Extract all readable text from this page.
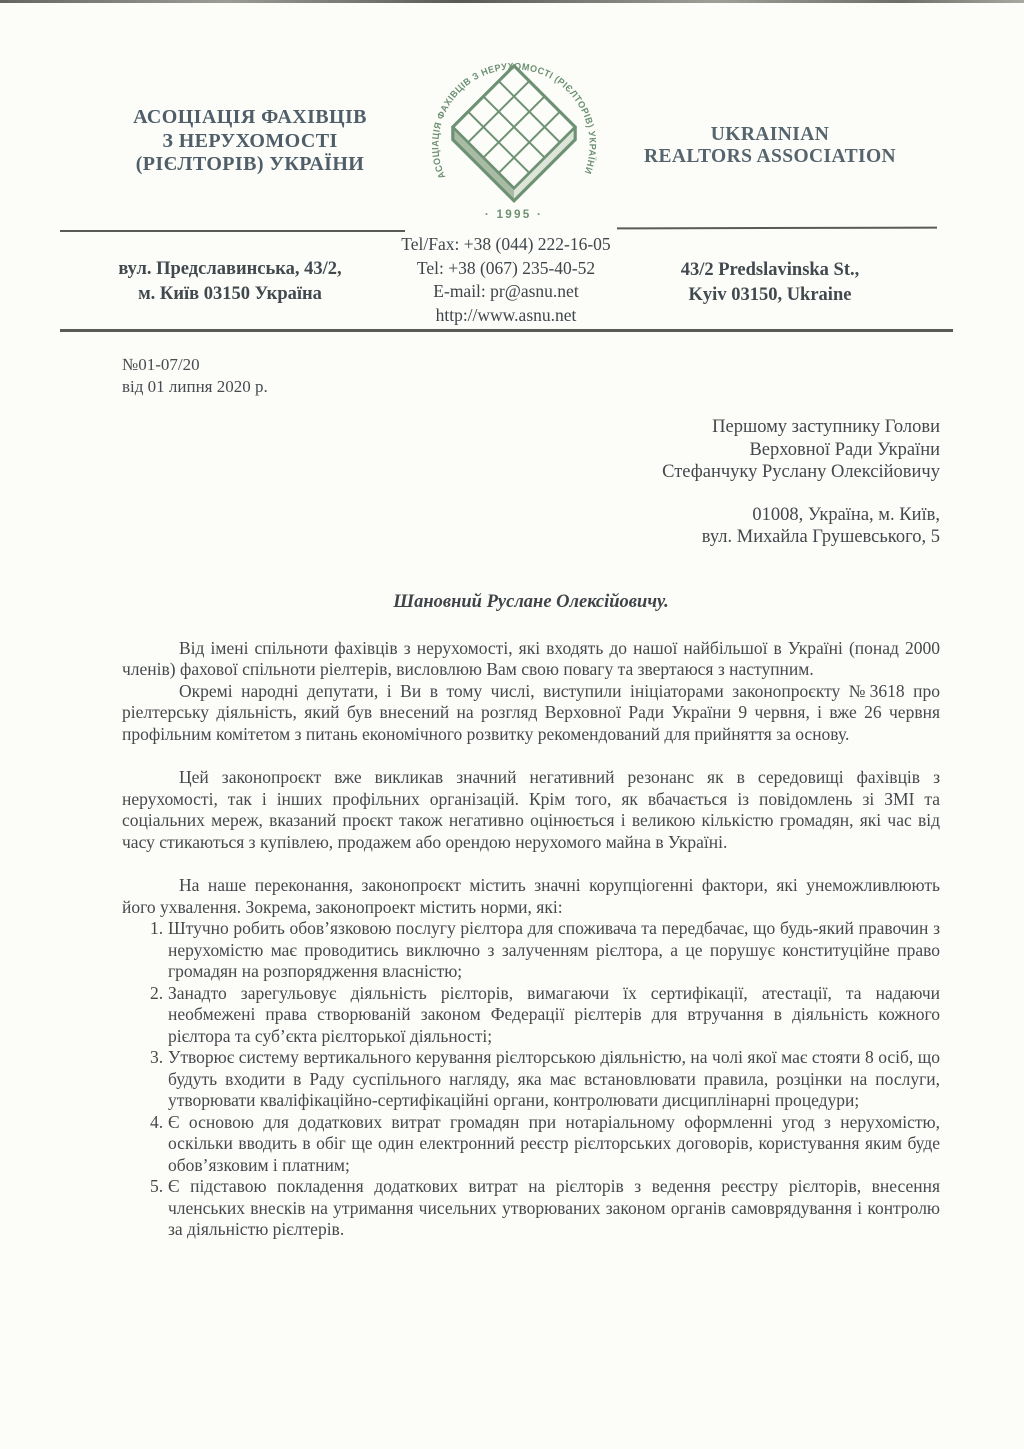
АСОЦІАЦІЯ ФАХІВЦІВ
З НЕРУХОМОСТІ
(РІЄЛТОРІВ) УКРАЇНИ	АСОЦІАЦІЯ ФАХІВЦІВ З НЕРУХОМОСТІ (РІЄЛТОРІВ) УКРАЇНИ
· 1995 ·
UKRAINIAN
REALTORS ASSOCIATION
вул. Предславинська, 43/2,
м. Київ 03150 Україна
Tel/Fax: +38 (044) 222-16-05
Tel: +38 (067) 235-40-52
E-mail: pr@asnu.net
http://www.asnu.net
43/2 Predslavinska St.,
Kyiv 03150, Ukraine
№01-07/20
від 01 липня 2020 р.
Першому заступнику Голови
Верховної Ради України
Стефанчуку Руслану Олексійовичу
01008, Україна, м. Київ,
вул. Михайла Грушевського, 5
Шановний Руслане Олексійовичу.

Від імені спільноти фахівців з нерухомості, які входять до нашої найбільшої в Україні (понад 2000 членів) фахової спільноти ріелтерів, висловлюю Вам свою повагу та звертаюся з наступним.

Окремі народні депутати, і Ви в тому числі, виступили ініціаторами законопроєкту №3618 про ріелтерську діяльність, який був внесений на розгляд Верховної Ради України 9 червня, і вже 26 червня профільним комітетом з питань економічного розвитку рекомендований для прийняття за основу.

Цей законопроєкт вже викликав значний негативний резонанс як в середовищі фахівців з нерухомості, так і інших профільних організацій. Крім того, як вбачається із повідомлень зі ЗМІ та соціальних мереж, вказаний проєкт також негативно оцінюється і великою кількістю громадян, які час від часу стикаються з купівлею, продажем або орендою нерухомого майна в Україні.

На наше переконання, законопроєкт містить значні корупціогенні фактори, які унеможливлюють його ухвалення. Зокрема, законопроект містить норми, які:

1. Штучно робить обов’язковою послугу рієлтора для споживача та передбачає, що будь-який правочин з нерухомістю має проводитись виключно з залученням рієлтора, а це порушує конституційне право громадян на розпорядження власністю;
2. Занадто зарегульовує діяльність рієлторів, вимагаючи їх сертифікації, атестації, та надаючи необмежені права створюваній законом Федерації рієлтерів для втручання в діяльність кожного рієлтора та суб’єкта рієлторької діяльності;
3. Утворює систему вертикального керування рієлторською діяльністю, на чолі якої має стояти 8 осіб, що будуть входити в Раду суспільного нагляду, яка має встановлювати правила, розцінки на послуги, утворювати кваліфікаційно-сертифікаційні органи, контролювати дисциплінарні процедури;
4. Є основою для додаткових витрат громадян при нотаріальному оформленні угод з нерухомістю, оскільки вводить в обіг ще один електронний реєстр рієлторських договорів, користування яким буде обов’язковим і платним;
5. Є підставою покладення додаткових витрат на рієлторів з ведення реєстру рієлторів, внесення членських внесків на утримання чисельних утворюваних законом органів самоврядування і контролю за діяльністю рієлтерів.
